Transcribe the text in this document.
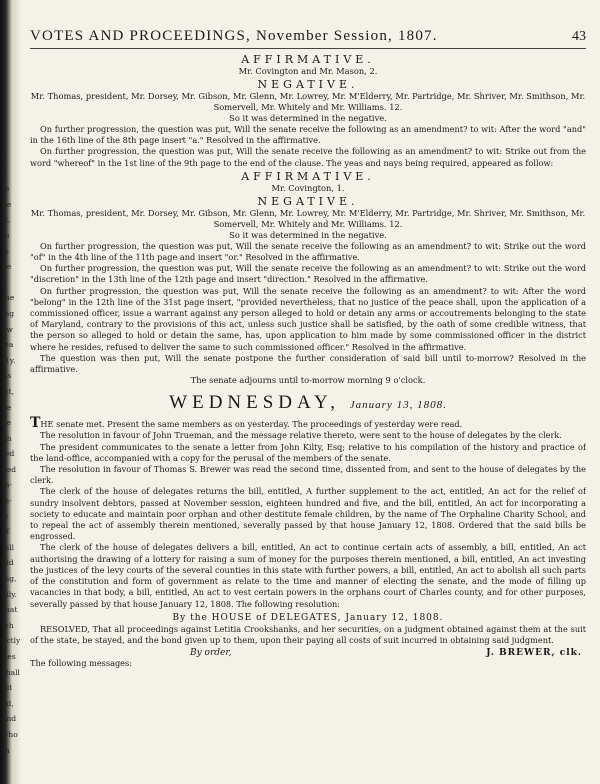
s
e
te
ue
tt,
to
ie
he
h
the
ing
ew
lea
(1y.
As
ict,
he
ile
gh
ted
ned
ta-
m-
w
of
bill
old
ing,
ally.
that
ieh
ectly
ties
shall
nit
ed,
and
who
th
VOTES AND PROCEEDINGS, November Session, 1807.	43
AFFIRMATIVE.
Mr. Covington and Mr. Mason, 2.
NEGATIVE.
Mr. Thomas, president, Mr. Dorsey, Mr. Gibson, Mr. Glenn, Mr. Lowrey, Mr. M'Elderry, Mr. Partridge, Mr. Shriver, Mr. Smithson, Mr. Somervell, Mr. Whitely and Mr. Williams. 12.
So it was determined in the negative.

On further progression, the question was put, Will the senate receive the following as an amendment? to wit: After the word "and" in the 16th line of the 8th page insert "a." Resolved in the affirmative.

On further progression, the question was put, Will the senate receive the following as an amendment? to wit: Strike out from the word "whereof" in the 1st line of the 9th page to the end of the clause. The yeas and nays being required, appeared as follow:

AFFIRMATIVE.
Mr. Covington, 1.
NEGATIVE.
Mr. Thomas, president, Mr. Dorsey, Mr. Gibson, Mr. Glenn, Mr. Lowrey, Mr. M'Elderry, Mr. Partridge, Mr. Shriver, Mr. Smithson, Mr. Somervell, Mr. Whitely and Mr. Williams. 12.
So it was determined in the negative.

On further progression, the question was put, Will the senate receive the following as an amendment? to wit: Strike out the word "of" in the 4th line of the 11th page and insert "or." Resolved in the affirmative.

On further progression, the question was put, Will the senate receive the following as an amendment? to wit: Strike out the word "discretion" in the 13th line of the 12th page and insert "direction." Resolved in the affirmative.

On further progression, the question was put, Will the senate receive the following as an amendment? to wit: After the word "belong" in the 12th line of the 31st page insert, "provided nevertheless, that no justice of the peace shall, upon the application of a commissioned officer, issue a warrant against any person alleged to hold or detain any arms or accoutrements belonging to the state of Maryland, contrary to the provisions of this act, unless such justice shall be satisfied, by the oath of some credible witness, that the person so alleged to hold or detain the same, has, upon application to him made by some commissioned officer in the district where he resides, refused to deliver the same to such commissioned officer." Resolved in the affirmative.

The question was then put, Will the senate postpone the further consideration of said bill until to-morrow? Resolved in the affirmative.

The senate adjourns until to-morrow morning 9 o'clock.
WEDNESDAY, January 13, 1808.

THE senate met. Present the same members as on yesterday. The proceedings of yesterday were read.

The resolution in favour of John Trueman, and the message relative thereto, were sent to the house of delegates by the clerk.

The president communicates to the senate a letter from John Kilty, Esq; relative to his compilation of the history and practice of the land-office, accompanied with a copy for the perusal of the members of the senate.

The resolution in favour of Thomas S. Brewer was read the second time, dissented from, and sent to the house of delegates by the clerk.

The clerk of the house of delegates returns the bill, entitled, A further supplement to the act, entitled, An act for the relief of sundry insolvent debtors, passed at November session, eighteen hundred and five, and the bill, entitled, An act for incorporating a society to educate and maintain poor orphan and other destitute female children, by the name of The Orphaline Charity School, and to repeal the act of assembly therein mentioned, severally passed by that house January 12, 1808. Ordered that the said bills be engrossed.

The clerk of the house of delegates delivers a bill, entitled, An act to continue certain acts of assembly, a bill, entitled, An act authorising the drawing of a lottery for raising a sum of money for the purposes therein mentioned, a bill, entitled, An act investing the justices of the levy courts of the several counties in this state with further powers, a bill, entitled, An act to abolish all such parts of the constitution and form of government as relate to the time and manner of electing the senate, and the mode of filling up vacancies in that body, a bill, entitled, An act to vest certain powers in the orphans court of Charles county, and for other purposes, severally passed by that house January 12, 1808. The following resolution:

By the HOUSE of DELEGATES, January 12, 1808.

RESOLVED, That all proceedings against Letitia Crookshanks, and her securities, on a judgment obtained against them at the suit of the state, be stayed, and the bond given up to them, upon their paying all costs of suit incurred in obtaining said judgment.

By order,	J. BREWER, clk.
The following messages:
